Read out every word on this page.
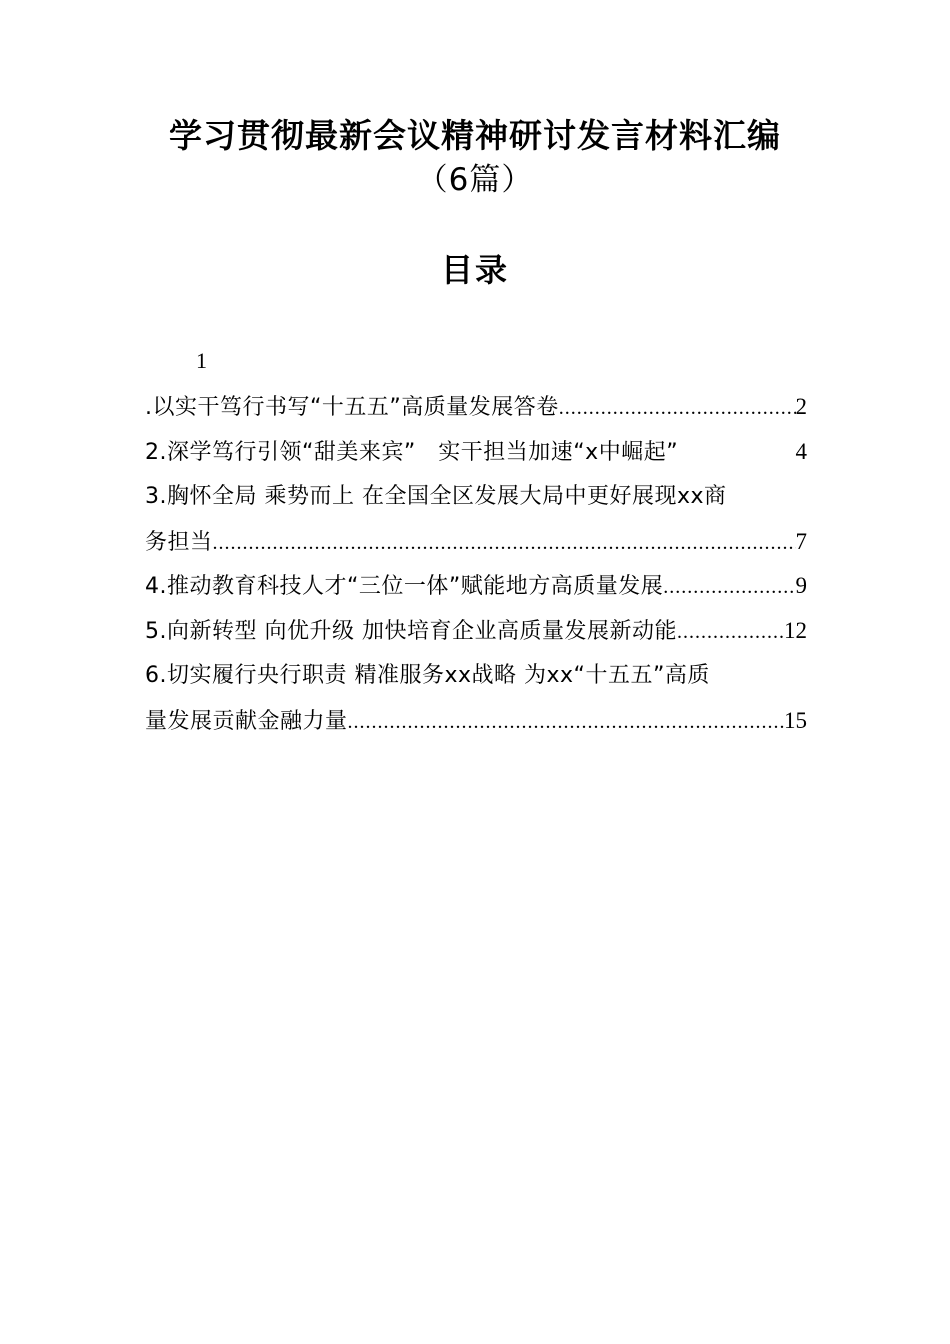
学习贯彻最新会议精神研讨发言材料汇编
（6篇）
目录
1
.以实干笃行书写“十五五”高质量发展答卷 .....	2
2.深学笃行引领“甜美来宾”　实干担当加速“x中崛起”	4
3.胸怀全局 乘势而上 在全国全区发展大局中更好展现xx商
务担当 .....	7
4.推动教育科技人才“三位一体”赋能地方高质量发展 .....	9
5.向新转型 向优升级 加快培育企业高质量发展新动能 .....	12
6.切实履行央行职责 精准服务xx战略 为xx“十五五”高质
量发展贡献金融力量 .....	15
